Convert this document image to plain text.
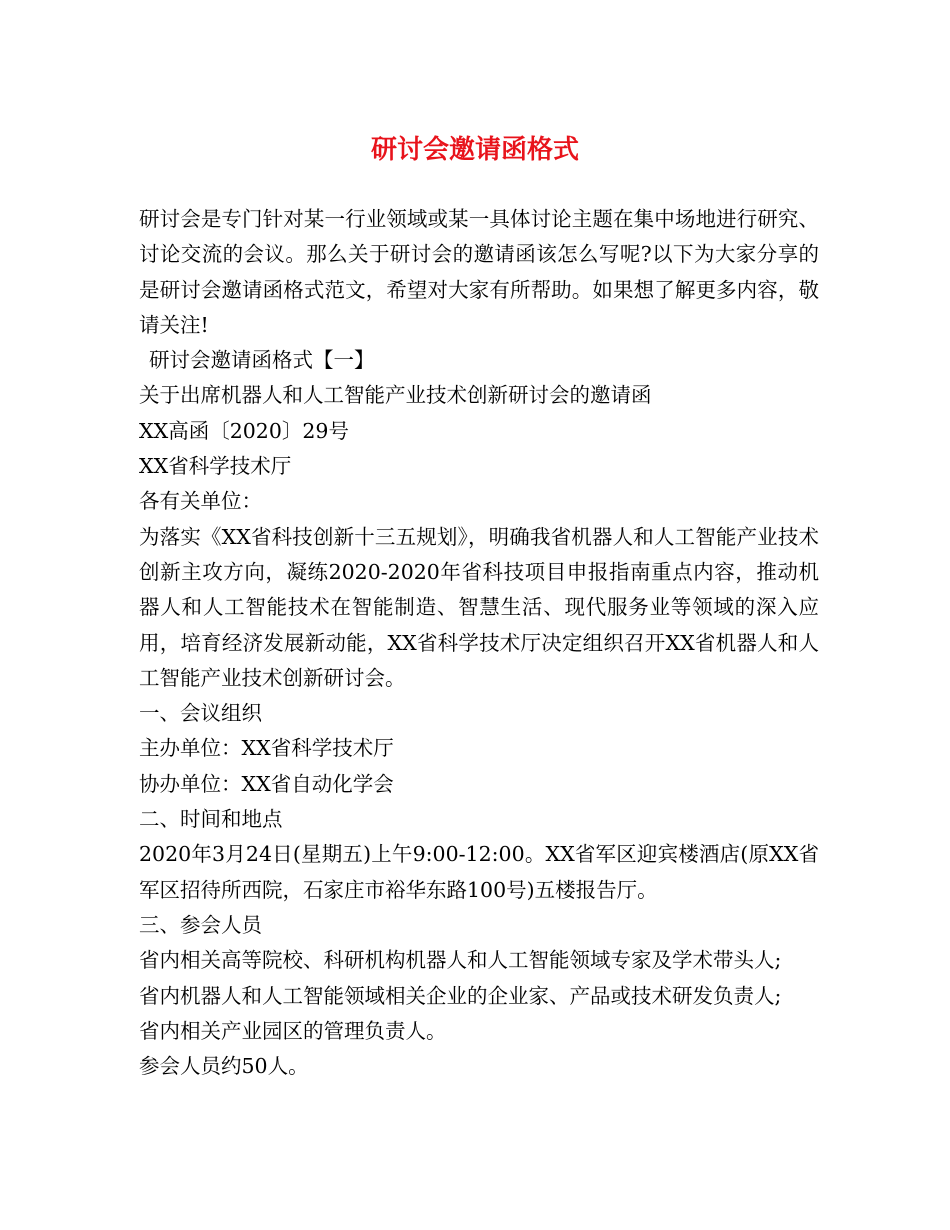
研讨会邀请函格式

研讨会是专门针对某一行业领域或某一具体讨论主题在集中场地进行研究、讨论交流的会议。那么关于研讨会的邀请函该怎么写呢?以下为大家分享的是研讨会邀请函格式范文，希望对大家有所帮助。如果想了解更多内容，敬请关注!

研讨会邀请函格式【一】

关于出席机器人和人工智能产业技术创新研讨会的邀请函

XX高函〔2020〕29号

XX省科学技术厅

各有关单位：

为落实《XX省科技创新十三五规划》，明确我省机器人和人工智能产业技术创新主攻方向，凝练2020-2020年省科技项目申报指南重点内容，推动机器人和人工智能技术在智能制造、智慧生活、现代服务业等领域的深入应用，培育经济发展新动能，XX省科学技术厅决定组织召开XX省机器人和人工智能产业技术创新研讨会。

一、会议组织

主办单位：XX省科学技术厅

协办单位：XX省自动化学会

二、时间和地点

2020年3月24日(星期五)上午9:00-12:00。XX省军区迎宾楼酒店(原XX省军区招待所西院，石家庄市裕华东路100号)五楼报告厅。

三、参会人员

省内相关高等院校、科研机构机器人和人工智能领域专家及学术带头人;

省内机器人和人工智能领域相关企业的企业家、产品或技术研发负责人;

省内相关产业园区的管理负责人。

参会人员约50人。
